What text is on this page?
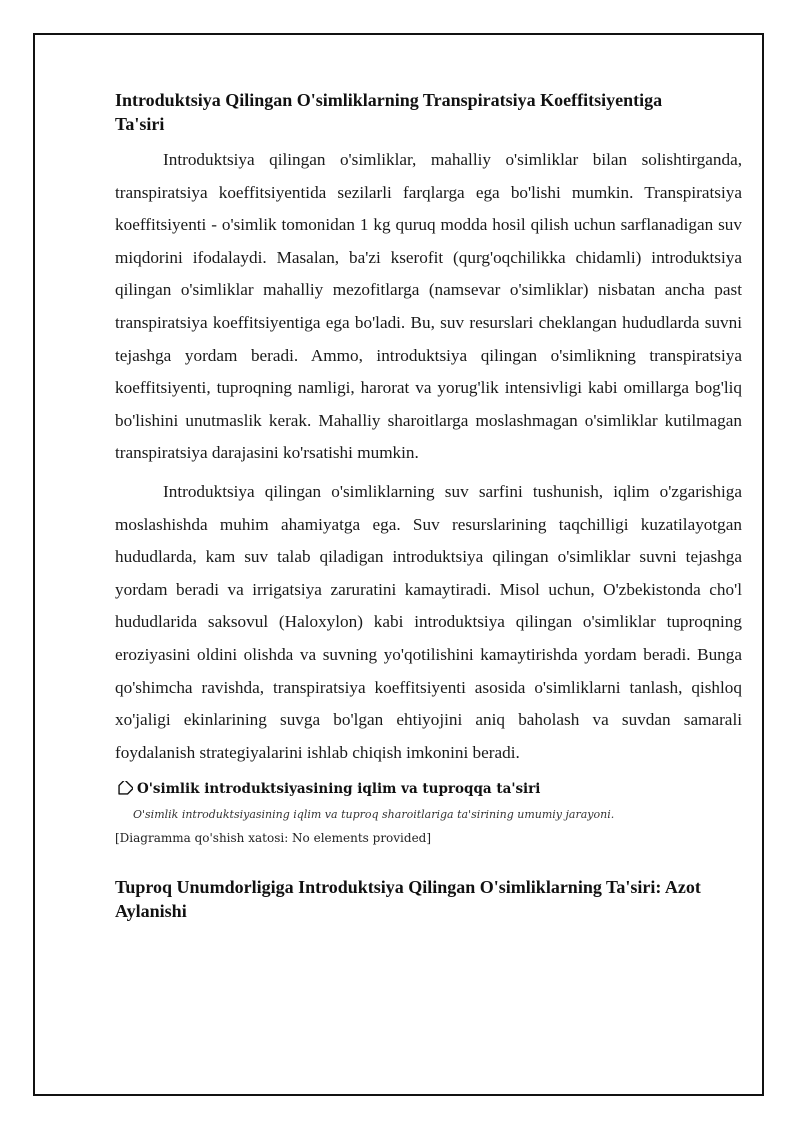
Introduktsiya Qilingan O'simliklarning Transpiratsiya Koeffitsiyentiga Ta'siri

Introduktsiya qilingan o'simliklar, mahalliy o'simliklar bilan solishtirganda, transpiratsiya koeffitsiyentida sezilarli farqlarga ega bo'lishi mumkin. Transpiratsiya koeffitsiyenti - o'simlik tomonidan 1 kg quruq modda hosil qilish uchun sarflanadigan suv miqdorini ifodalaydi. Masalan, ba'zi kserofit (qurg'oqchilikka chidamli) introduktsiya qilingan o'simliklar mahalliy mezofitlarga (namsevar o'simliklar) nisbatan ancha past transpiratsiya koeffitsiyentiga ega bo'ladi. Bu, suv resurslari cheklangan hududlarda suvni tejashga yordam beradi. Ammo, introduktsiya qilingan o'simlikning transpiratsiya koeffitsiyenti, tuproqning namligi, harorat va yorug'lik intensivligi kabi omillarga bog'liq bo'lishini unutmaslik kerak. Mahalliy sharoitlarga moslashmagan o'simliklar kutilmagan transpiratsiya darajasini ko'rsatishi mumkin.

Introduktsiya qilingan o'simliklarning suv sarfini tushunish, iqlim o'zgarishiga moslashishda muhim ahamiyatga ega. Suv resurslarining taqchilligi kuzatilayotgan hududlarda, kam suv talab qiladigan introduktsiya qilingan o'simliklar suvni tejashga yordam beradi va irrigatsiya zaruratini kamaytiradi. Misol uchun, O'zbekistonda cho'l hududlarida saksovul (Haloxylon) kabi introduktsiya qilingan o'simliklar tuproqning eroziyasini oldini olishda va suvning yo'qotilishini kamaytirishda yordam beradi. Bunga qo'shimcha ravishda, transpiratsiya koeffitsiyenti asosida o'simliklarni tanlash, qishloq xo'jaligi ekinlarining suvga bo'lgan ehtiyojini aniq baholash va suvdan samarali foydalanish strategiyalarini ishlab chiqish imkonini beradi.

O'simlik introduktsiyasining iqlim va tuproqqa ta'siri
O'simlik introduktsiyasining iqlim va tuproq sharoitlariga ta'sirining umumiy jarayoni.
[Diagramma qo'shish xatosi: No elements provided]
Tuproq Unumdorligiga Introduktsiya Qilingan O'simliklarning Ta'siri: Azot Aylanishi
